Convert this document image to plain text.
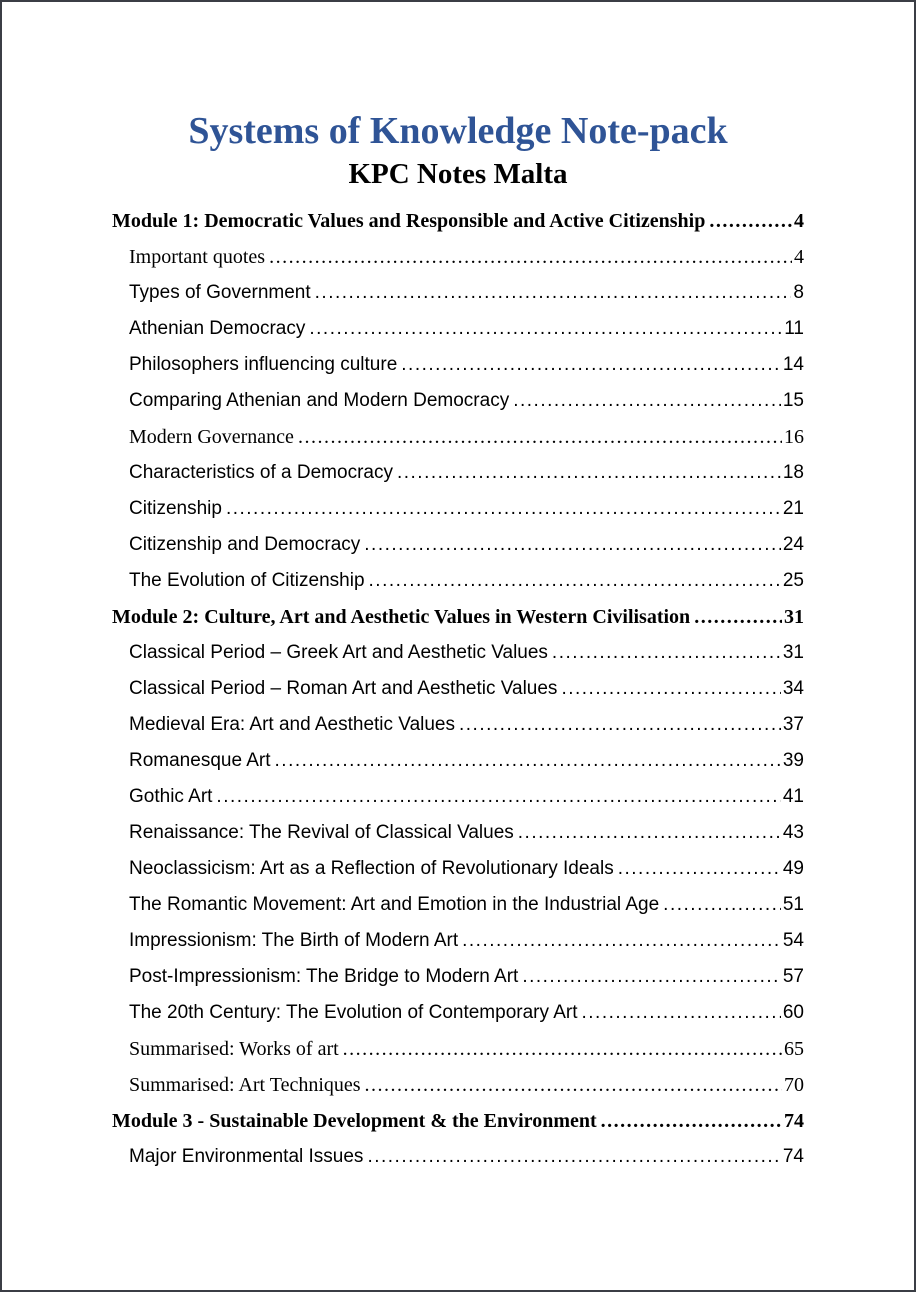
Systems of Knowledge Note-pack
KPC Notes Malta
Module 1: Democratic Values and Responsible and Active Citizenship .....	4
Important quotes .....	4
Types of Government .....	8
Athenian Democracy .....	11
Philosophers influencing culture .....	14
Comparing Athenian and Modern Democracy .....	15
Modern Governance .....	16
Characteristics of a Democracy .....	18
Citizenship .....	21
Citizenship and Democracy .....	24
The Evolution of Citizenship .....	25
Module 2: Culture, Art and Aesthetic Values in Western Civilisation .....	31
Classical Period – Greek Art and Aesthetic Values .....	31
Classical Period – Roman Art and Aesthetic Values .....	34
Medieval Era: Art and Aesthetic Values .....	37
Romanesque Art .....	39
Gothic Art .....	41
Renaissance: The Revival of Classical Values .....	43
Neoclassicism: Art as a Reflection of Revolutionary Ideals .....	49
The Romantic Movement: Art and Emotion in the Industrial Age .....	51
Impressionism: The Birth of Modern Art .....	54
Post-Impressionism: The Bridge to Modern Art .....	57
The 20th Century: The Evolution of Contemporary Art .....	60
Summarised: Works of art .....	65
Summarised: Art Techniques .....	70
Module 3 - Sustainable Development & the Environment .....	74
Major Environmental Issues .....	74
